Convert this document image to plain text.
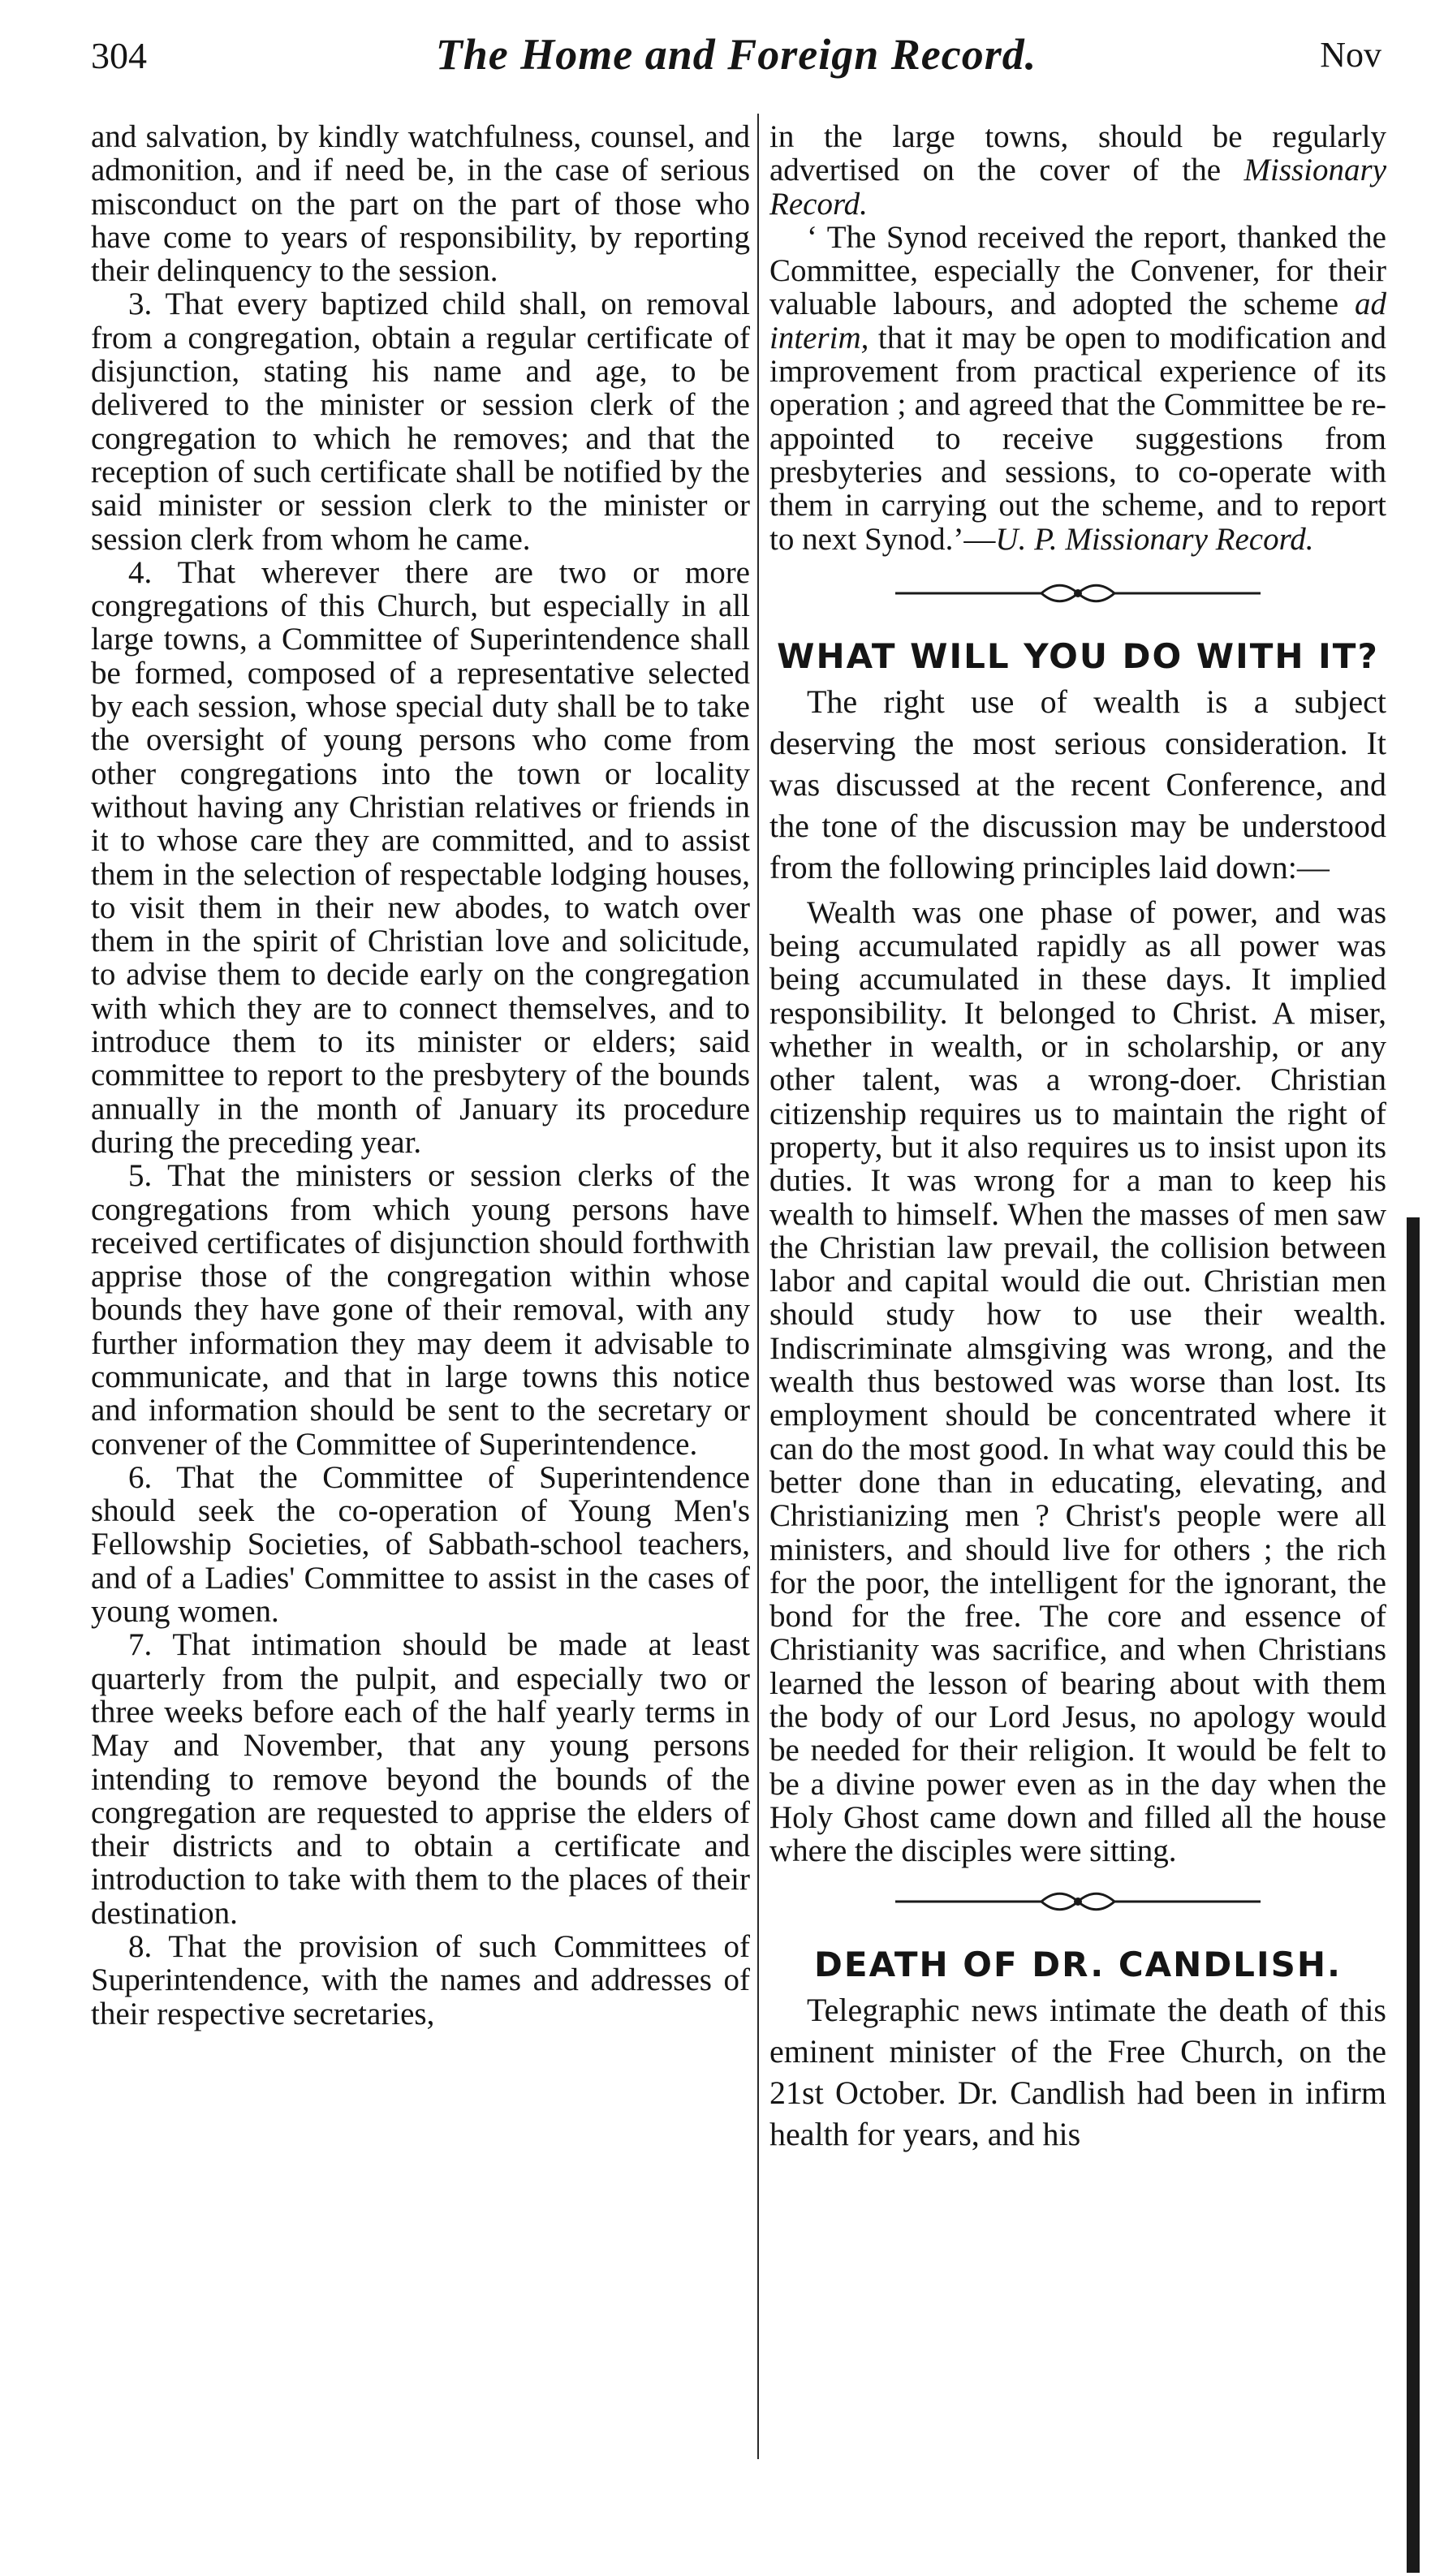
304	The Home and Foreign Record.	Nov

and salvation, by kindly watchfulness, counsel, and admonition, and if need be, in the case of serious misconduct on the part on the part of those who have come to years of responsibility, by reporting their delinquency to the session.

3. That every baptized child shall, on removal from a congregation, obtain a regular certificate of disjunction, stating his name and age, to be delivered to the minister or session clerk of the congregation to which he removes; and that the reception of such certificate shall be notified by the said minister or session clerk to the minister or session clerk from whom he came.

4. That wherever there are two or more congregations of this Church, but especially in all large towns, a Committee of Superintendence shall be formed, composed of a representative selected by each session, whose special duty shall be to take the oversight of young persons who come from other congregations into the town or locality without having any Christian relatives or friends in it to whose care they are committed, and to assist them in the selection of respectable lodging houses, to visit them in their new abodes, to watch over them in the spirit of Christian love and solicitude, to advise them to decide early on the congregation with which they are to connect themselves, and to introduce them to its minister or elders; said committee to report to the presbytery of the bounds annually in the month of January its procedure during the preceding year.

5. That the ministers or session clerks of the congregations from which young persons have received certificates of disjunction should forthwith apprise those of the congregation within whose bounds they have gone of their removal, with any further information they may deem it advisable to communicate, and that in large towns this notice and information should be sent to the secretary or convener of the Committee of Superintendence.

6. That the Committee of Superintendence should seek the co-operation of Young Men's Fellowship Societies, of Sabbath-school teachers, and of a Ladies' Committee to assist in the cases of young women.

7. That intimation should be made at least quarterly from the pulpit, and especially two or three weeks before each of the half yearly terms in May and November, that any young persons intending to remove beyond the bounds of the congregation are requested to apprise the elders of their districts and to obtain a certificate and introduction to take with them to the places of their destination.

8. That the provision of such Committees of Superintendence, with the names and addresses of their respective secretaries,

in the large towns, should be regularly advertised on the cover of the Missionary Record.

‘ The Synod received the report, thanked the Committee, especially the Convener, for their valuable labours, and adopted the scheme ad interim, that it may be open to modification and improvement from practical experience of its operation ; and agreed that the Committee be re-appointed to receive suggestions from presbyteries and sessions, to co-operate with them in carrying out the scheme, and to report to next Synod.’—U. P. Missionary Record.

WHAT WILL YOU DO WITH IT?

The right use of wealth is a subject deserving the most serious consideration. It was discussed at the recent Conference, and the tone of the discussion may be understood from the following principles laid down:—

Wealth was one phase of power, and was being accumulated rapidly as all power was being accumulated in these days. It implied responsibility. It belonged to Christ. A miser, whether in wealth, or in scholarship, or any other talent, was a wrong-doer. Christian citizenship requires us to maintain the right of property, but it also requires us to insist upon its duties. It was wrong for a man to keep his wealth to himself. When the masses of men saw the Christian law prevail, the collision between labor and capital would die out. Christian men should study how to use their wealth. Indiscriminate almsgiving was wrong, and the wealth thus bestowed was worse than lost. Its employment should be concentrated where it can do the most good. In what way could this be better done than in educating, elevating, and Christianizing men ? Christ's people were all ministers, and should live for others ; the rich for the poor, the intelligent for the ignorant, the bond for the free. The core and essence of Christianity was sacrifice, and when Christians learned the lesson of bearing about with them the body of our Lord Jesus, no apology would be needed for their religion. It would be felt to be a divine power even as in the day when the Holy Ghost came down and filled all the house where the disciples were sitting.

DEATH OF DR. CANDLISH.

Telegraphic news intimate the death of this eminent minister of the Free Church, on the 21st October. Dr. Candlish had been in infirm health for years, and his
